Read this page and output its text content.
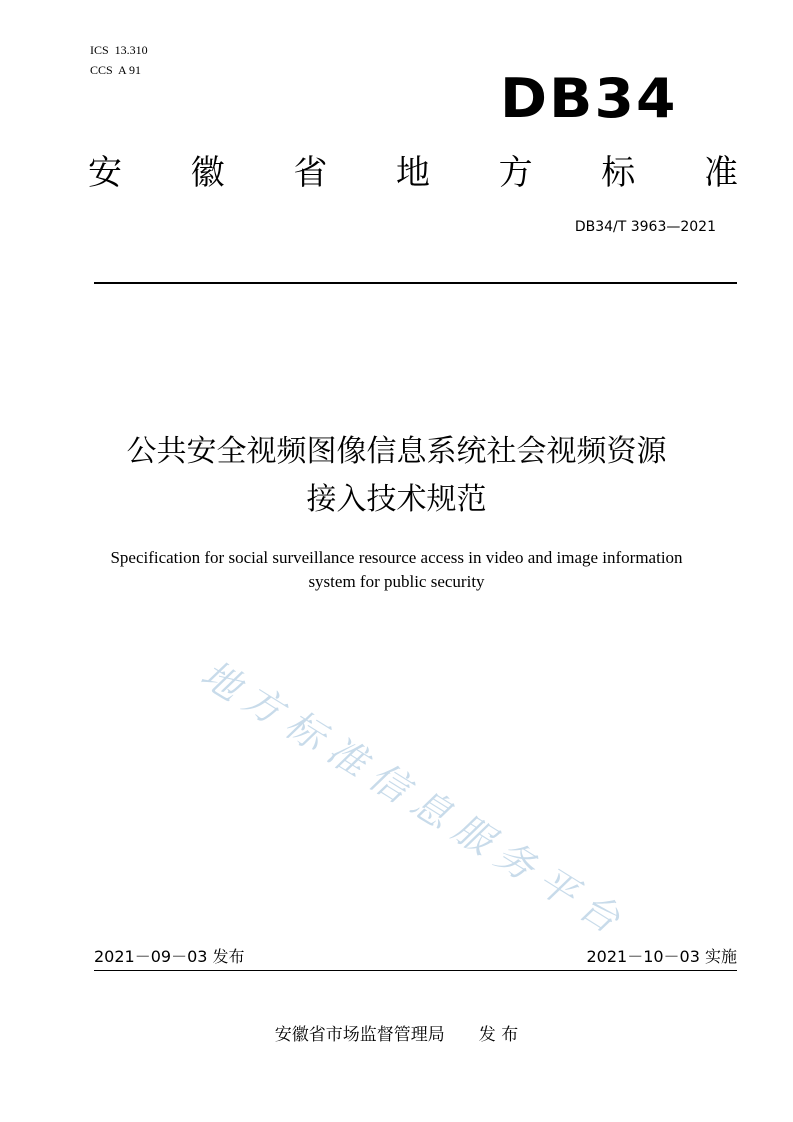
ICS  13.310
CCS  A 91	DB34
安 徽 省 地 方 标 准
DB34/T 3963—2021
公共安全视频图像信息系统社会视频资源
接入技术规范
Specification for social surveillance resource access in video and image information
system for public security
地
方
标
准
信
息
服
务
平
台
2021－09－03 发布	2021－10－03 实施
安徽省市场监督管理局 发 布
